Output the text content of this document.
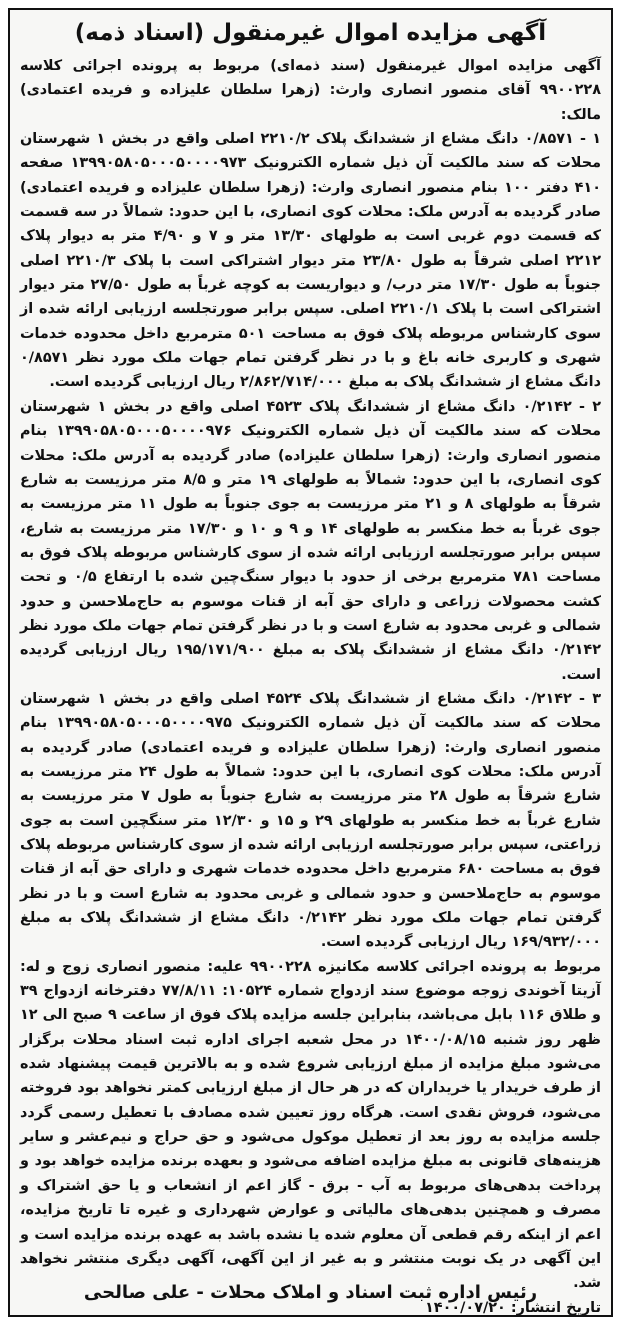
آگهی مزایده اموال غیرمنقول (اسناد ذمه)

آگهی مزایده اموال غیرمنقول (سند ذمه‌ای) مربوط به پرونده اجرائی کلاسه ۹۹۰۰۲۲۸ آقای منصور انصاری وارث: (زهرا سلطان علیزاده و فریده اعتمادی) مالک:

۱ - ۰/۸۵۷۱ دانگ مشاع از ششدانگ پلاک ۲۲۱۰/۲ اصلی واقع در بخش ۱ شهرستان محلات که سند مالکیت آن ذیل شماره الکترونیک ۱۳۹۹۰۵۸۰۵۰۰۰۵۰۰۰۰۹۷۳ صفحه ۴۱۰ دفتر ۱۰۰ بنام منصور انصاری وارث: (زهرا سلطان علیزاده و فریده اعتمادی) صادر گردیده به آدرس ملک: محلات کوی انصاری، با این حدود: شمالاً در سه قسمت که قسمت دوم غربی است به طولهای ۱۳/۳۰ متر و ۷ و ۴/۹۰ متر به دیوار پلاک ۲۲۱۲ اصلی شرقاً به طول ۲۳/۸۰ متر دیوار اشتراکی است با پلاک ۲۲۱۰/۳ اصلی جنوباً به طول ۱۷/۳۰ متر درب/ و دیواریست به کوچه غرباً به طول ۲۷/۵۰ متر دیوار اشتراکی است با پلاک ۲۲۱۰/۱ اصلی. سپس برابر صورتجلسه ارزیابی ارائه شده از سوی کارشناس مربوطه پلاک فوق به مساحت ۵۰۱ مترمربع داخل محدوده خدمات شهری و کاربری خانه باغ و با در نظر گرفتن تمام جهات ملک مورد نظر ۰/۸۵۷۱ دانگ مشاع از ششدانگ پلاک به مبلغ ۲/۸۶۲/۷۱۴/۰۰۰ ریال ارزیابی گردیده است.

۲ - ۰/۲۱۴۲ دانگ مشاع از ششدانگ پلاک ۴۵۲۳ اصلی واقع در بخش ۱ شهرستان محلات که سند مالکیت آن ذیل شماره الکترونیک ۱۳۹۹۰۵۸۰۵۰۰۰۵۰۰۰۰۹۷۶ بنام منصور انصاری وارث: (زهرا سلطان علیزاده) صادر گردیده به آدرس ملک: محلات کوی انصاری، با این حدود: شمالاً به طولهای ۱۹ متر و ۸/۵ متر مرزیست به شارع شرقاً به طولهای ۸ و ۲۱ متر مرزیست به جوی جنوباً به طول ۱۱ متر مرزیست به جوی غرباً به خط منکسر به طولهای ۱۴ و ۹ و ۱۰ و ۱۷/۳۰ متر مرزیست به شارع، سپس برابر صورتجلسه ارزیابی ارائه شده از سوی کارشناس مربوطه پلاک فوق به مساحت ۷۸۱ مترمربع برخی از حدود با دیوار سنگ‌چین شده با ارتفاع ۰/۵ و تحت کشت محصولات زراعی و دارای حق آبه از قنات موسوم به حاج‌ملاحسن و حدود شمالی و غربی محدود به شارع است و با در نظر گرفتن تمام جهات ملک مورد نظر ۰/۲۱۴۲ دانگ مشاع از ششدانگ پلاک به مبلغ ۱۹۵/۱۷۱/۹۰۰ ریال ارزیابی گردیده است.

۳ - ۰/۲۱۴۲ دانگ مشاع از ششدانگ پلاک ۴۵۲۴ اصلی واقع در بخش ۱ شهرستان محلات که سند مالکیت آن ذیل شماره الکترونیک ۱۳۹۹۰۵۸۰۵۰۰۰۵۰۰۰۰۹۷۵ بنام منصور انصاری وارث: (زهرا سلطان علیزاده و فریده اعتمادی) صادر گردیده به آدرس ملک: محلات کوی انصاری، با این حدود: شمالاً به طول ۲۴ متر مرزیست به شارع شرقاً به طول ۲۸ متر مرزیست به شارع جنوباً به طول ۷ متر مرزیست به شارع غرباً به خط منکسر به طولهای ۲۹ و ۱۵ و ۱۲/۳۰ متر سنگچین است به جوی زراعتی، سپس برابر صورتجلسه ارزیابی ارائه شده از سوی کارشناس مربوطه پلاک فوق به مساحت ۶۸۰ مترمربع داخل محدوده خدمات شهری و دارای حق آبه از قنات موسوم به حاج‌ملاحسن و حدود شمالی و غربی محدود به شارع است و با در نظر گرفتن تمام جهات ملک مورد نظر ۰/۲۱۴۲ دانگ مشاع از ششدانگ پلاک به مبلغ ۱۶۹/۹۳۲/۰۰۰ ریال ارزیابی گردیده است.

مربوط به پرونده اجرائی کلاسه مکانیزه ۹۹۰۰۲۲۸ علیه: منصور انصاری زوج و له: آزیتا آخوندی زوجه موضوع سند ازدواج شماره ۱۰۵۲۴: ۷۷/۸/۱۱ دفترخانه ازدواج ۳۹ و طلاق ۱۱۶ بابل می‌باشد، بنابراین جلسه مزایده پلاک فوق از ساعت ۹ صبح الی ۱۲ ظهر روز شنبه ۱۴۰۰/۰۸/۱۵ در محل شعبه اجرای اداره ثبت اسناد محلات برگزار می‌شود مبلغ مزایده از مبلغ ارزیابی شروع شده و به بالاترین قیمت پیشنهاد شده از طرف خریدار یا خریداران که در هر حال از مبلغ ارزیابی کمتر نخواهد بود فروخته می‌شود، فروش نقدی است. هرگاه روز تعیین شده مصادف با تعطیل رسمی گردد جلسه مزایده به روز بعد از تعطیل موکول می‌شود و حق حراج و نیم‌عشر و سایر هزینه‌های قانونی به مبلغ مزایده اضافه می‌شود و بعهده برنده مزایده خواهد بود و پرداخت بدهی‌های مربوط به آب - برق - گاز اعم از انشعاب و یا حق اشتراک و مصرف و همچنین بدهی‌های مالیاتی و عوارض شهرداری و غیره تا تاریخ مزایده، اعم از اینکه رقم قطعی آن معلوم شده یا نشده باشد به عهده برنده مزایده است و این آگهی در یک نوبت منتشر و به غیر از این آگهی، آگهی دیگری منتشر نخواهد شد.

تاریخ انتشار: ۱۴۰۰/۰۷/۲۰

رئیس اداره ثبت اسناد و املاک محلات - علی صالحی
